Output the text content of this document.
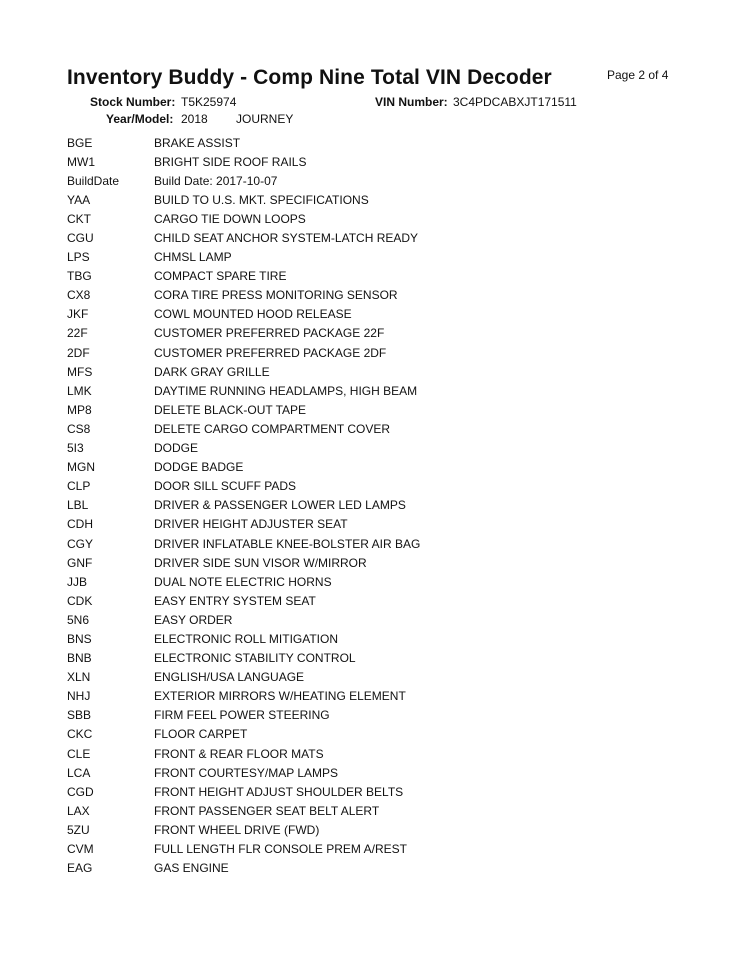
Inventory Buddy - Comp Nine Total VIN Decoder	Page 2 of 4
Stock Number: T5K25974	VIN Number: 3C4PDCABXJT171511
Year/Model: 2018 JOURNEY
BGE	BRAKE ASSIST
MW1	BRIGHT SIDE ROOF RAILS
BuildDate	Build Date: 2017-10-07
YAA	BUILD TO U.S. MKT. SPECIFICATIONS
CKT	CARGO TIE DOWN LOOPS
CGU	CHILD SEAT ANCHOR SYSTEM-LATCH READY
LPS	CHMSL LAMP
TBG	COMPACT SPARE TIRE
CX8	CORA TIRE PRESS MONITORING SENSOR
JKF	COWL MOUNTED HOOD RELEASE
22F	CUSTOMER PREFERRED PACKAGE 22F
2DF	CUSTOMER PREFERRED PACKAGE 2DF
MFS	DARK GRAY GRILLE
LMK	DAYTIME RUNNING HEADLAMPS, HIGH BEAM
MP8	DELETE BLACK-OUT TAPE
CS8	DELETE CARGO COMPARTMENT COVER
5I3	DODGE
MGN	DODGE BADGE
CLP	DOOR SILL SCUFF PADS
LBL	DRIVER & PASSENGER LOWER LED LAMPS
CDH	DRIVER HEIGHT ADJUSTER SEAT
CGY	DRIVER INFLATABLE KNEE-BOLSTER AIR BAG
GNF	DRIVER SIDE SUN VISOR W/MIRROR
JJB	DUAL NOTE ELECTRIC HORNS
CDK	EASY ENTRY SYSTEM SEAT
5N6	EASY ORDER
BNS	ELECTRONIC ROLL MITIGATION
BNB	ELECTRONIC STABILITY CONTROL
XLN	ENGLISH/USA LANGUAGE
NHJ	EXTERIOR MIRRORS W/HEATING ELEMENT
SBB	FIRM FEEL POWER STEERING
CKC	FLOOR CARPET
CLE	FRONT & REAR FLOOR MATS
LCA	FRONT COURTESY/MAP LAMPS
CGD	FRONT HEIGHT ADJUST SHOULDER BELTS
LAX	FRONT PASSENGER SEAT BELT ALERT
5ZU	FRONT WHEEL DRIVE (FWD)
CVM	FULL LENGTH FLR CONSOLE PREM A/REST
EAG	GAS ENGINE
